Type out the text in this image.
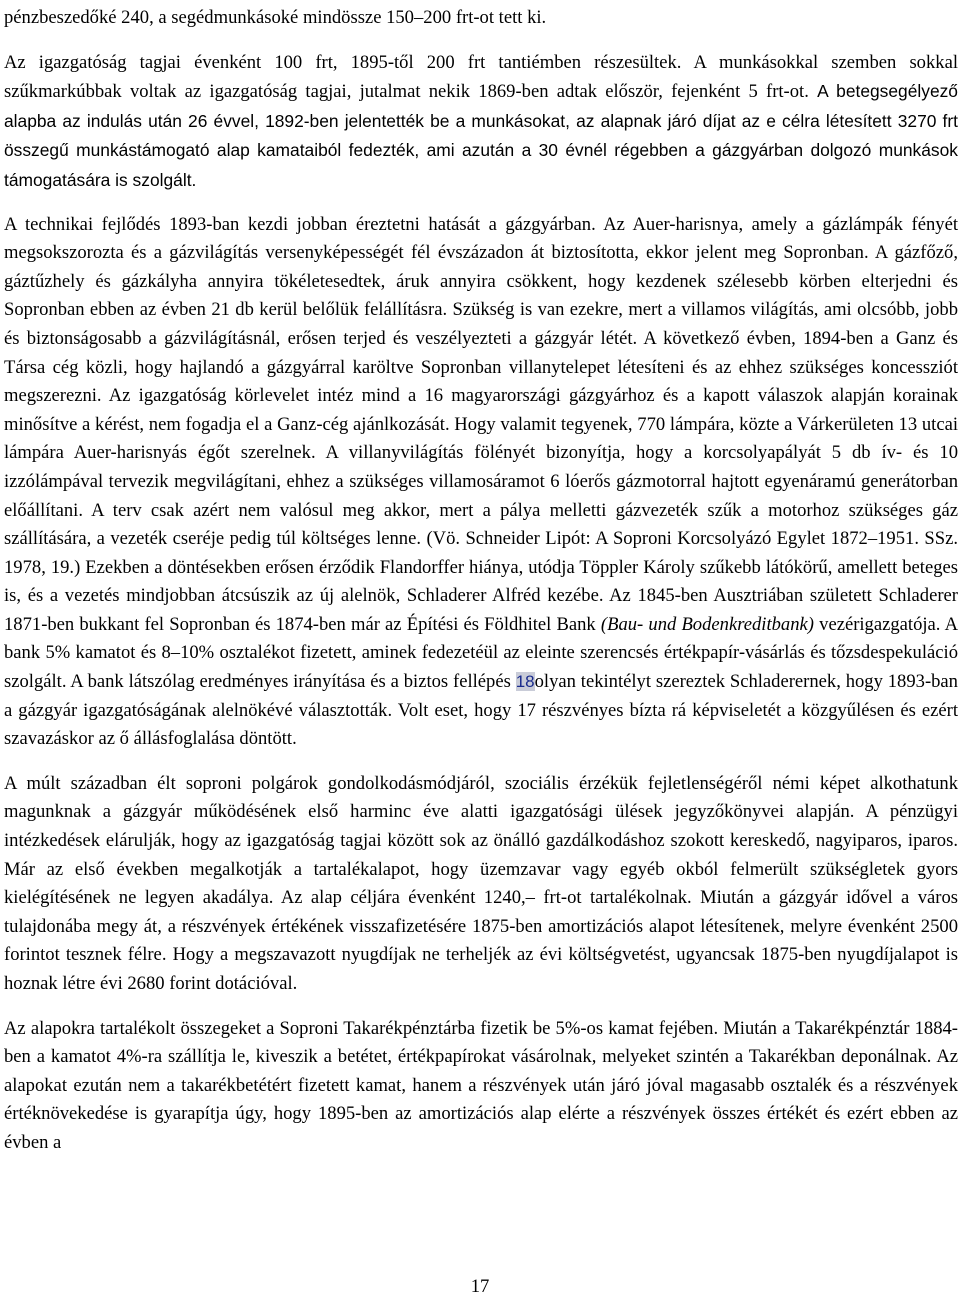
pénzbeszedőké 240, a segédmunkásoké mindössze 150–200 frt-ot tett ki.

Az igazgatóság tagjai évenként 100 frt, 1895-től 200 frt tantiémben részesültek. A munkásokkal szemben sokkal szűkmarkúbbak voltak az igazgatóság tagjai, jutalmat nekik 1869-ben adtak először, fejenként 5 frt-ot. A betegsegélyező alapba az indulás után 26 évvel, 1892-ben jelentették be a munkásokat, az alapnak járó díjat az e célra létesített 3270 frt összegű munkástámogató alap kamataiból fedezték, ami azután a 30 évnél régebben a gázgyárban dolgozó munkások támogatására is szolgált.

A technikai fejlődés 1893-ban kezdi jobban éreztetni hatását a gázgyárban. Az Auer-harisnya, amely a gázlámpák fényét megsokszorozta és a gázvilágítás versenyképességét fél évszázadon át biztosította, ekkor jelent meg Sopronban. A gázfőző, gáztűzhely és gázkályha annyira tökéletesedtek, áruk annyira csökkent, hogy kezdenek szélesebb körben elterjedni és Sopronban ebben az évben 21 db kerül belőlük felállításra. Szükség is van ezekre, mert a villamos világítás, ami olcsóbb, jobb és biztonságosabb a gázvilágításnál, erősen terjed és veszélyezteti a gázgyár létét. A következő évben, 1894-ben a Ganz és Társa cég közli, hogy hajlandó a gázgyárral karöltve Sopronban villanytelepet létesíteni és az ehhez szükséges koncessziót megszerezni. Az igazgatóság körlevelet intéz mind a 16 magyarországi gázgyárhoz és a kapott válaszok alapján korainak minősítve a kérést, nem fogadja el a Ganz-cég ajánlkozását. Hogy valamit tegyenek, 770 lámpára, közte a Várkerületen 13 utcai lámpára Auer-harisnyás égőt szerelnek. A villanyvilágítás fölényét bizonyítja, hogy a korcsolyapályát 5 db ív- és 10 izzólámpával tervezik megvilágítani, ehhez a szükséges villamosáramot 6 lóerős gázmotorral hajtott egyenáramú generátorban előállítani. A terv csak azért nem valósul meg akkor, mert a pálya melletti gázvezeték szűk a motorhoz szükséges gáz szállítására, a vezeték cseréje pedig túl költséges lenne. (Vö. Schneider Lipót: A Soproni Korcsolyázó Egylet 1872–1951. SSz. 1978, 19.) Ezekben a döntésekben erősen érződik Flandorffer hiánya, utódja Töppler Károly szűkebb látókörű, amellett beteges is, és a vezetés mindjobban átcsúszik az új alelnök, Schladerer Alfréd kezébe. Az 1845-ben Ausztriában született Schladerer 1871-ben bukkant fel Sopronban és 1874-ben már az Építési és Földhitel Bank (Bau- und Bodenkreditbank) vezérigazgatója. A bank 5% kamatot és 8–10% osztalékot fizetett, aminek fedezetéül az eleinte szerencsés értékpapír-vásárlás és tőzsdespekuláció szolgált. A bank látszólag eredményes irányítása és a biztos fellépés 18olyan tekintélyt szereztek Schladerernek, hogy 1893-ban a gázgyár igazgatóságának alelnökévé választották. Volt eset, hogy 17 részvényes bízta rá képviseletét a közgyűlésen és ezért szavazáskor az ő állásfoglalása döntött.

A múlt században élt soproni polgárok gondolkodásmódjáról, szociális érzékük fejletlenségéről némi képet alkothatunk magunknak a gázgyár működésének első harminc éve alatti igazgatósági ülések jegyzőkönyvei alapján. A pénzügyi intézkedések elárulják, hogy az igazgatóság tagjai között sok az önálló gazdálkodáshoz szokott kereskedő, nagyiparos, iparos. Már az első években megalkotják a tartalékalapot, hogy üzemzavar vagy egyéb okból felmerült szükségletek gyors kielégítésének ne legyen akadálya. Az alap céljára évenként 1240,– frt-ot tartalékolnak. Miután a gázgyár idővel a város tulajdonába megy át, a részvények értékének visszafizetésére 1875-ben amortizációs alapot létesítenek, melyre évenként 2500 forintot tesznek félre. Hogy a megszavazott nyugdíjak ne terheljék az évi költségvetést, ugyancsak 1875-ben nyugdíjalapot is hoznak létre évi 2680 forint dotációval.

Az alapokra tartalékolt összegeket a Soproni Takarékpénztárba fizetik be 5%-os kamat fejében. Miután a Takarékpénztár 1884-ben a kamatot 4%-ra szállítja le, kiveszik a betétet, értékpapírokat vásárolnak, melyeket szintén a Takarékban deponálnak. Az alapokat ezután nem a takarékbetétért fizetett kamat, hanem a részvények után járó jóval magasabb osztalék és a részvények értéknövekedése is gyarapítja úgy, hogy 1895-ben az amortizációs alap elérte a részvények összes értékét és ezért ebben az évben a

17
